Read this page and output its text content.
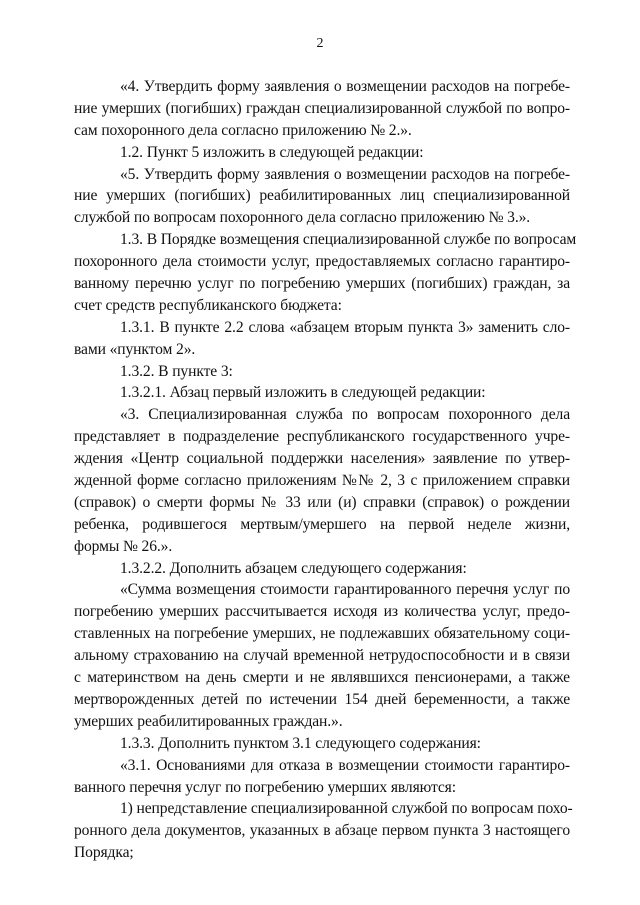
2
«4. Утвердить форму заявления о возмещении расходов на погребе-
ние умерших (погибших) граждан специализированной службой по вопро-
сам похоронного дела согласно приложению № 2.».
1.2. Пункт 5 изложить в следующей редакции:
«5. Утвердить форму заявления о возмещении расходов на погребе-
ние умерших (погибших) реабилитированных лиц специализированной
службой по вопросам похоронного дела согласно приложению № 3.».
1.3. В Порядке возмещения специализированной службе по вопросам
похоронного дела стоимости услуг, предоставляемых согласно гарантиро-
ванному перечню услуг по погребению умерших (погибших) граждан, за
счет средств республиканского бюджета:
1.3.1. В пункте 2.2 слова «абзацем вторым пункта 3» заменить сло-
вами «пунктом 2».
1.3.2. В пункте 3:
1.3.2.1. Абзац первый изложить в следующей редакции:
«3. Специализированная служба по вопросам похоронного дела
представляет в подразделение республиканского государственного учре-
ждения «Центр социальной поддержки населения» заявление по утвер-
жденной форме согласно приложениям №№ 2, 3 с приложением справки
(справок) о смерти формы № 33 или (и) справки (справок) о рождении
ребенка, родившегося мертвым/умершего на первой неделе жизни,
формы № 26.».
1.3.2.2. Дополнить абзацем следующего содержания:
«Сумма возмещения стоимости гарантированного перечня услуг по
погребению умерших рассчитывается исходя из количества услуг, предо-
ставленных на погребение умерших, не подлежавших обязательному соци-
альному страхованию на случай временной нетрудоспособности и в связи
с материнством на день смерти и не являвшихся пенсионерами, а также
мертворожденных детей по истечении 154 дней беременности, а также
умерших реабилитированных граждан.».
1.3.3. Дополнить пунктом 3.1 следующего содержания:
«3.1. Основаниями для отказа в возмещении стоимости гарантиро-
ванного перечня услуг по погребению умерших являются:
1) непредставление специализированной службой по вопросам похо-
ронного дела документов, указанных в абзаце первом пункта 3 настоящего
Порядка;
